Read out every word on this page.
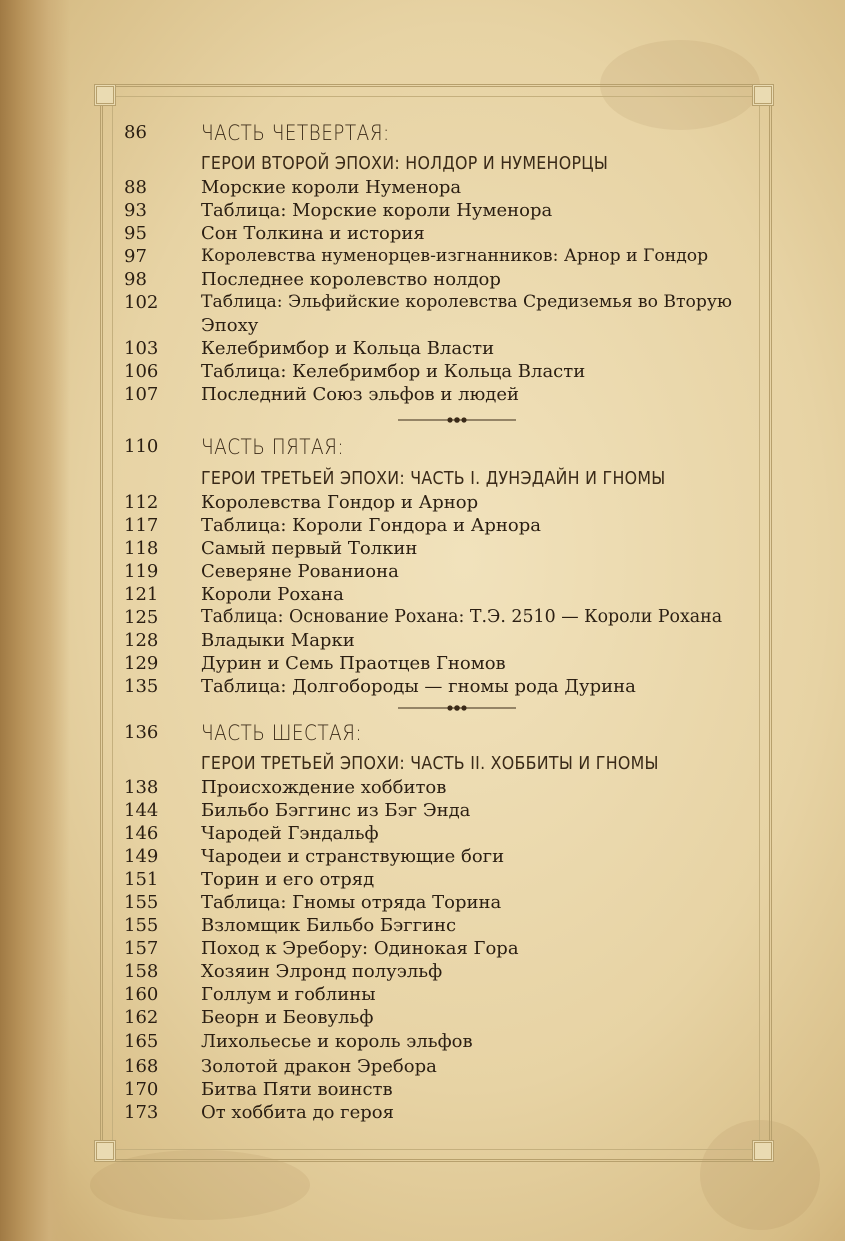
86	ЧАСТЬ ЧЕТВЕРТАЯ:
ГЕРОИ ВТОРОЙ ЭПОХИ: НОЛДОР И НУМЕНОРЦЫ
88	Морские короли Нуменора
93	Таблица: Морские короли Нуменора
95	Сон Толкина и история
97	Королевства нуменорцев-изгнанников: Арнор и Гондор
98	Последнее королевство нолдор
102	Таблица: Эльфийские королевства Средиземья во Вторую
Эпоху
103	Келебримбор и Кольца Власти
106	Таблица: Келебримбор и Кольца Власти
107	Последний Союз эльфов и людей
110 ЧАСТЬ ПЯТАЯ:
ГЕРОИ ТРЕТЬЕЙ ЭПОХИ: ЧАСТЬ I. ДУНЭДАЙН И ГНОМЫ
112	Королевства Гондор и Арнор
117	Таблица: Короли Гондора и Арнора
118	Самый первый Толкин
119	Северяне Рованиона
121	Короли Рохана
125	Таблица: Основание Рохана: Т.Э. 2510 — Короли Рохана
128	Владыки Марки
129	Дурин и Семь Праотцев Гномов
135	Таблица: Долгобороды — гномы рода Дурина
136 ЧАСТЬ ШЕСТАЯ:
ГЕРОИ ТРЕТЬЕЙ ЭПОХИ: ЧАСТЬ II. ХОББИТЫ И ГНОМЫ
138	Происхождение хоббитов
144	Бильбо Бэггинс из Бэг Энда
146	Чародей Гэндальф
149	Чародеи и странствующие боги
151	Торин и его отряд
155	Таблица: Гномы отряда Торина
155	Взломщик Бильбо Бэггинс
157	Поход к Эребору: Одинокая Гора
158	Хозяин Элронд полуэльф
160	Голлум и гоблины
162	Беорн и Беовульф
165	Лихольесье и король эльфов
168	Золотой дракон Эребора
170	Битва Пяти воинств
173	От хоббита до героя
